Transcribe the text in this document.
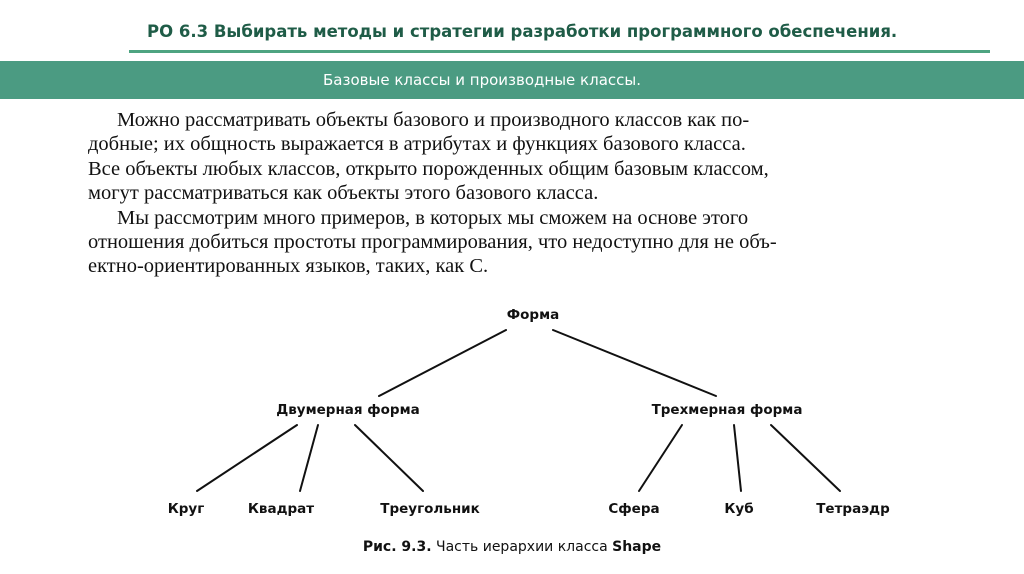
РО 6.3 Выбирать методы и стратегии разработки программного обеспечения.
Базовые классы и производные классы.
Можно рассматривать объекты базового и производного классов как по-
добные; их общность выражается в атрибутах и функциях базового класса.
Все объекты любых классов, открыто порожденных общим базовым классом,
могут рассматриваться как объекты этого базового класса.
Мы рассмотрим много примеров, в которых мы сможем на основе этого
отношения добиться простоты программирования, что недоступно для не объ-
ектно-ориентированных языков, таких, как С.
Форма
Двумерная форма	Трехмерная форма
Круг	Квадрат	Треугольник	Сфера	Куб	Тетраэдр
Рис. 9.3. Часть иерархии класса Shape
